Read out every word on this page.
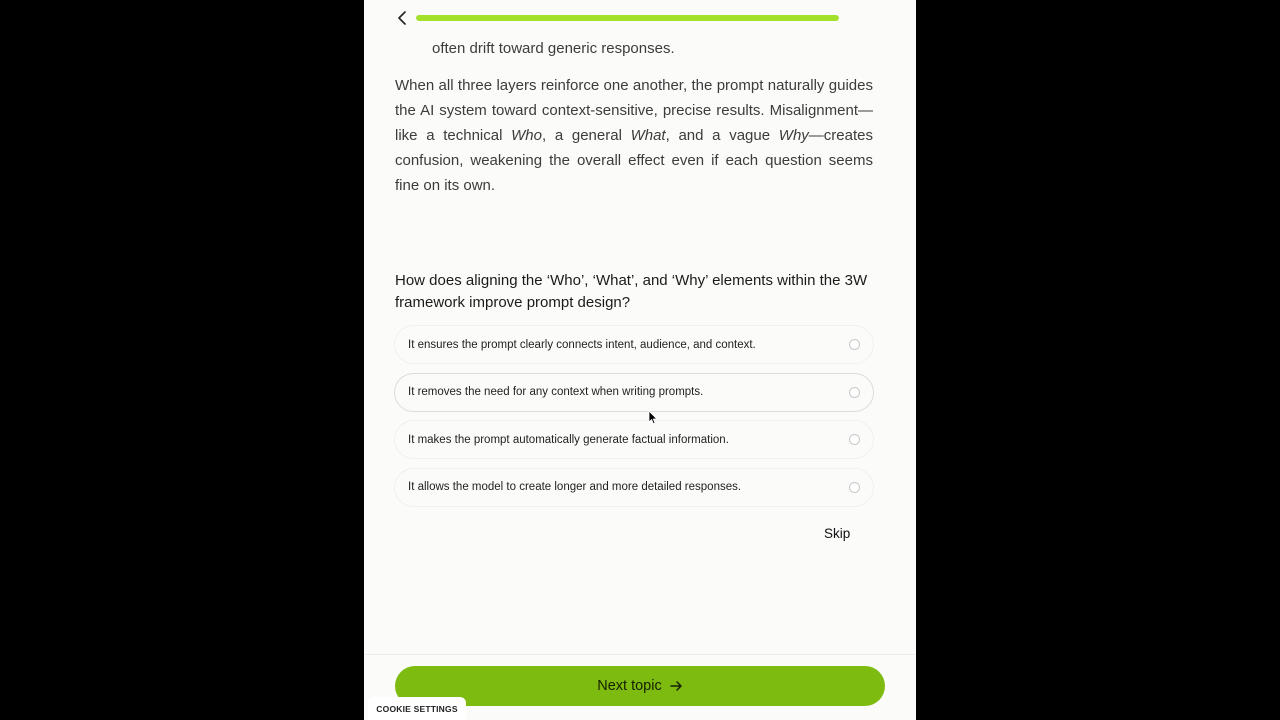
often drift toward generic responses.

When all three layers reinforce one another, the prompt naturally guides the AI system toward context-sensitive, precise results. Misalignment—like a technical Who, a general What, and a vague Why—creates confusion, weakening the overall effect even if each question seems fine on its own.

How does aligning the ‘Who’, ‘What’, and ‘Why’ elements within the 3W framework improve prompt design?

It ensures the prompt clearly connects intent, audience, and context.
It removes the need for any context when writing prompts.
It makes the prompt automatically generate factual information.
It allows the model to create longer and more detailed responses.
Skip
Next topic
COOKIE SETTINGS
